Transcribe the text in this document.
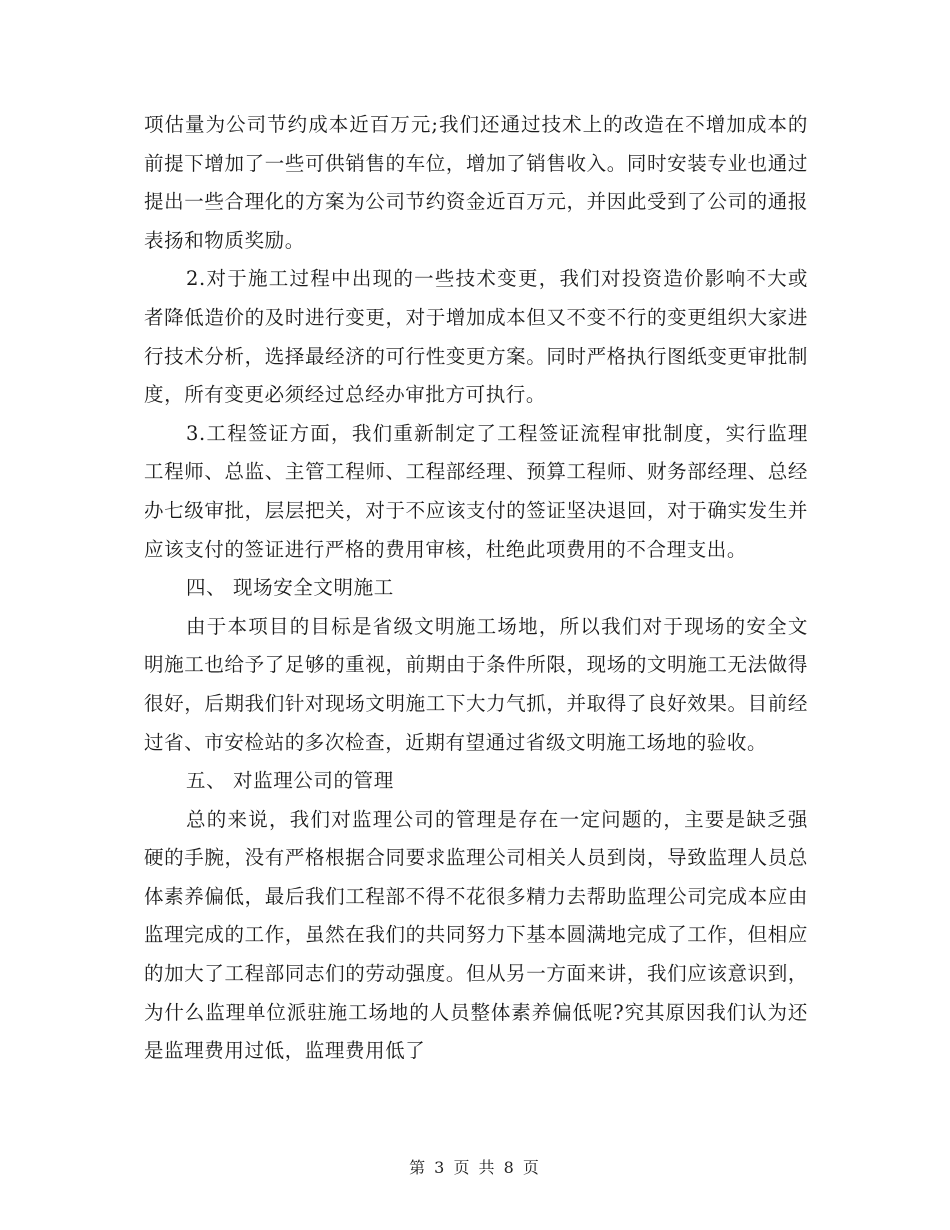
项估量为公司节约成本近百万元;我们还通过技术上的改造在不增加成本的前提下增加了一些可供销售的车位，增加了销售收入。同时安装专业也通过提出一些合理化的方案为公司节约资金近百万元，并因此受到了公司的通报表扬和物质奖励。

2.对于施工过程中出现的一些技术变更，我们对投资造价影响不大或者降低造价的及时进行变更，对于增加成本但又不变不行的变更组织大家进行技术分析，选择最经济的可行性变更方案。同时严格执行图纸变更审批制度，所有变更必须经过总经办审批方可执行。

3.工程签证方面，我们重新制定了工程签证流程审批制度，实行监理工程师、总监、主管工程师、工程部经理、预算工程师、财务部经理、总经办七级审批，层层把关，对于不应该支付的签证坚决退回，对于确实发生并应该支付的签证进行严格的费用审核，杜绝此项费用的不合理支出。

四、 现场安全文明施工

由于本项目的目标是省级文明施工场地，所以我们对于现场的安全文明施工也给予了足够的重视，前期由于条件所限，现场的文明施工无法做得很好，后期我们针对现场文明施工下大力气抓，并取得了良好效果。目前经过省、市安检站的多次检查，近期有望通过省级文明施工场地的验收。

五、 对监理公司的管理

总的来说，我们对监理公司的管理是存在一定问题的，主要是缺乏强硬的手腕，没有严格根据合同要求监理公司相关人员到岗，导致监理人员总体素养偏低，最后我们工程部不得不花很多精力去帮助监理公司完成本应由监理完成的工作，虽然在我们的共同努力下基本圆满地完成了工作，但相应的加大了工程部同志们的劳动强度。但从另一方面来讲，我们应该意识到，为什么监理单位派驻施工场地的人员整体素养偏低呢?究其原因我们认为还是监理费用过低，监理费用低了

第 3 页 共 8 页
